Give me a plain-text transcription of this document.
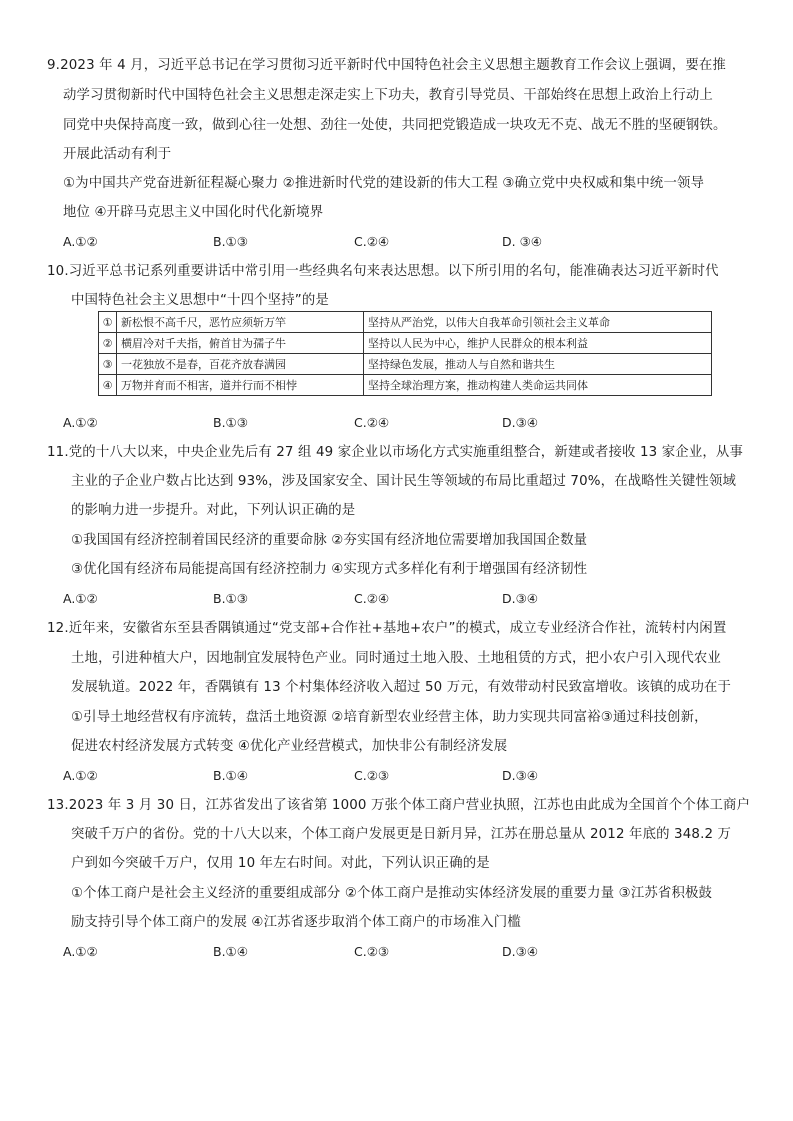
9.2023 年 4 月，习近平总书记在学习贯彻习近平新时代中国特色社会主义思想主题教育工作会议上强调，要在推
动学习贯彻新时代中国特色社会主义思想走深走实上下功夫，教育引导党员、干部始终在思想上政治上行动上
同党中央保持高度一致，做到心往一处想、劲往一处使，共同把党锻造成一块攻无不克、战无不胜的坚硬钢铁。
开展此活动有利于
①为中国共产党奋进新征程凝心聚力 ②推进新时代党的建设新的伟大工程 ③确立党中央权威和集中统一领导
地位 ④开辟马克思主义中国化时代化新境界
A.①②	B.①③	C.②④	D. ③④
10.习近平总书记系列重要讲话中常引用一些经典名句来表达思想。以下所引用的名句，能准确表达习近平新时代
中国特色社会主义思想中“十四个坚持”的是
①	新松恨不高千尺，恶竹应须斩万竿	坚持从严治党，以伟大自我革命引领社会主义革命
②	横眉冷对千夫指，俯首甘为孺子牛	坚持以人民为中心，维护人民群众的根本利益
③	一花独放不是春，百花齐放春满园	坚持绿色发展，推动人与自然和谐共生
④	万物并育而不相害，道并行而不相悖	坚持全球治理方案，推动构建人类命运共同体
A.①②	B.①③	C.②④	D.③④
11.党的十八大以来，中央企业先后有 27 组 49 家企业以市场化方式实施重组整合，新建或者接收 13 家企业，从事
主业的子企业户数占比达到 93%，涉及国家安全、国计民生等领域的布局比重超过 70%，在战略性关键性领域
的影响力进一步提升。对此，下列认识正确的是
①我国国有经济控制着国民经济的重要命脉 ②夯实国有经济地位需要增加我国国企数量
③优化国有经济布局能提高国有经济控制力 ④实现方式多样化有利于增强国有经济韧性
A.①②	B.①③	C.②④	D.③④
12.近年来，安徽省东至县香隅镇通过“党支部+合作社+基地+农户”的模式，成立专业经济合作社，流转村内闲置
土地，引进种植大户，因地制宜发展特色产业。同时通过土地入股、土地租赁的方式，把小农户引入现代农业
发展轨道。2022 年，香隅镇有 13 个村集体经济收入超过 50 万元，有效带动村民致富增收。该镇的成功在于
①引导土地经营权有序流转，盘活土地资源 ②培育新型农业经营主体，助力实现共同富裕③通过科技创新，
促进农村经济发展方式转变 ④优化产业经营模式，加快非公有制经济发展
A.①②	B.①④	C.②③	D.③④
13.2023 年 3 月 30 日，江苏省发出了该省第 1000 万张个体工商户营业执照，江苏也由此成为全国首个个体工商户
突破千万户的省份。党的十八大以来，个体工商户发展更是日新月异，江苏在册总量从 2012 年底的 348.2 万
户到如今突破千万户，仅用 10 年左右时间。对此，下列认识正确的是
①个体工商户是社会主义经济的重要组成部分 ②个体工商户是推动实体经济发展的重要力量 ③江苏省积极鼓
励支持引导个体工商户的发展 ④江苏省逐步取消个体工商户的市场准入门槛
A.①②	B.①④	C.②③	D.③④
